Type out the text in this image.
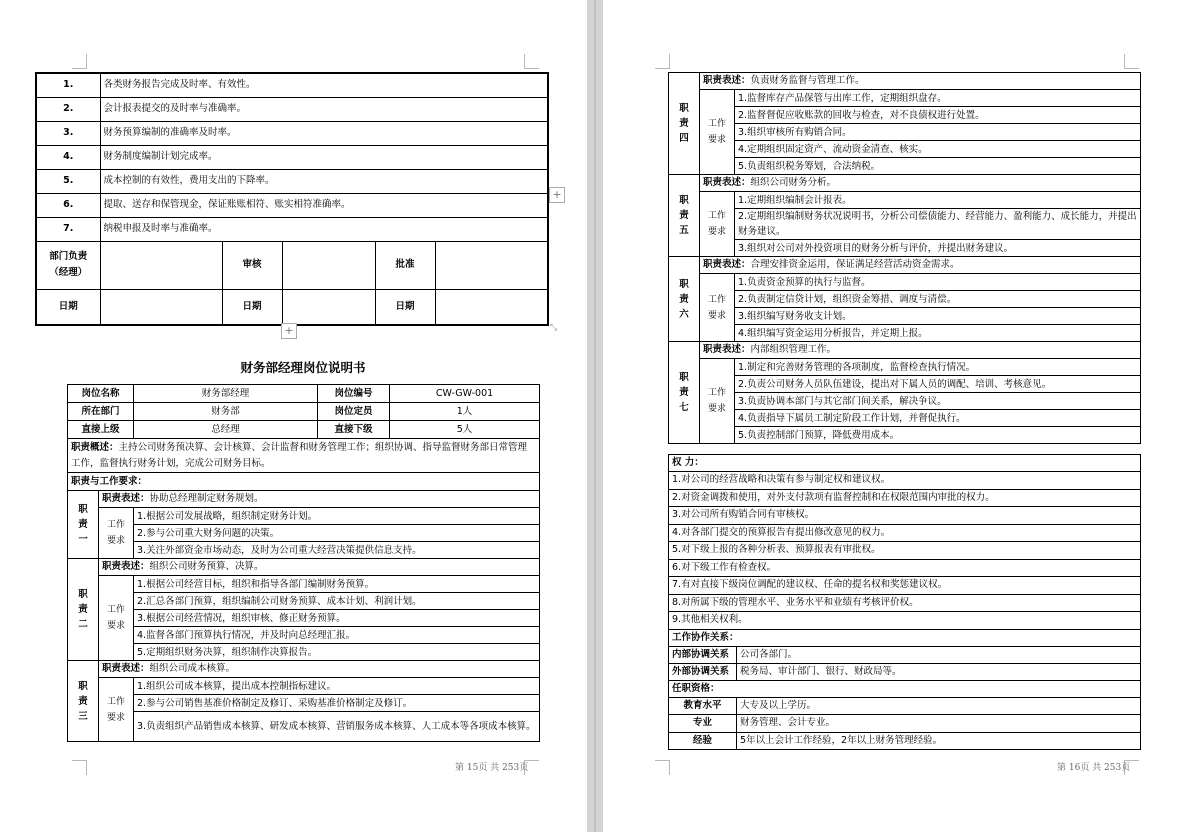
1.	各类财务报告完成及时率、有效性。				
2.	会计报表提交的及时率与准确率。				
3.	财务预算编制的准确率及时率。				
4.	财务制度编制计划完成率。				
5.	成本控制的有效性，费用支出的下降率。				
6.	提取、送存和保管现金，保证账账相符、账实相符准确率。				
7.	纳税申报及时率与准确率。				
部门负责
（经理）		审核		批准	
日期		日期		日期	
+
+
⤡
财务部经理岗位说明书
岗位名称		财务部经理	岗位编号	CW-GW-001
所在部门		财务部	岗位定员	1人
直接上级		总经理	直接下级	5人
职责概述：主持公司财务预决算、会计核算、会计监督和财务管理工作；组织协调、指导监督财务部日常管理工作，监督执行财务计划，完成公司财务目标。				
职责与工作要求：				
职
责
一	职责表述：协助总经理制定财务规划。			
	工作
要求	1.根据公司发展战略，组织制定财务计划。		
		2.参与公司重大财务问题的决策。		
		3.关注外部资金市场动态，及时为公司重大经营决策提供信息支持。		
职
责
二	职责表述：组织公司财务预算、决算。			
	工作
要求	1.根据公司经营目标，组织和指导各部门编制财务预算。		
		2.汇总各部门预算，组织编制公司财务预算、成本计划、利润计划。		
		3.根据公司经营情况，组织审核、修正财务预算。		
		4.监督各部门预算执行情况，并及时向总经理汇报。		
		5.定期组织财务决算，组织制作决算报告。		
职
责
三	职责表述：组织公司成本核算。			
	工作
要求	1.组织公司成本核算，提出成本控制指标建议。		
		2.参与公司销售基准价格制定及修订、采购基准价格制定及修订。		
		3.负责组织产品销售成本核算、研发成本核算、营销服务成本核算、人工成本等各项成本核算。		
第 15页 共 253页
职
责
四	职责表述：负责财务监督与管理工作。	
	工作
要求	1.监督库存产品保管与出库工作，定期组织盘存。
		2.监督督促应收账款的回收与检查，对不良债权进行处置。
		3.组织审核所有购销合同。
		4.定期组织固定资产、流动资金清查、核实。
		5.负责组织税务筹划，合法纳税。
职
责
五	职责表述：组织公司财务分析。	
	工作
要求	1.定期组织编制会计报表。
		2.定期组织编制财务状况说明书，分析公司偿债能力、经营能力、盈利能力、成长能力，并提出财务建议。
		3.组织对公司对外投资项目的财务分析与评价，并提出财务建议。
职
责
六	职责表述：合理安排资金运用，保证满足经营活动资金需求。	
	工作
要求	1.负责资金预算的执行与监督。
		2.负责制定信贷计划，组织资金筹措、调度与清偿。
		3.组织编写财务收支计划。
		4.组织编写资金运用分析报告，并定期上报。
职
责
七	职责表述：内部组织管理工作。	
	工作
要求	1.制定和完善财务管理的各项制度，监督检查执行情况。
		2.负责公司财务人员队伍建设，提出对下属人员的调配、培训、考核意见。
		3.负责协调本部门与其它部门间关系，解决争议。
		4.负责指导下属员工制定阶段工作计划，并督促执行。
		5.负责控制部门预算，降低费用成本。
权 力：	
1.对公司的经营战略和决策有参与制定权和建议权。	
2.对资金调拨和使用，对外支付款项有监督控制和在权限范围内审批的权力。	
3.对公司所有购销合同有审核权。	
4.对各部门提交的预算报告有提出修改意见的权力。	
5.对下级上报的各种分析表、预算报表有审批权。	
6.对下级工作有检查权。	
7.有对直接下级岗位调配的建议权、任命的提名权和奖惩建议权。	
8.对所属下级的管理水平、业务水平和业绩有考核评价权。	
9.其他相关权利。	
工作协作关系：	
内部协调关系	公司各部门。
外部协调关系	税务局、审计部门、银行、财政局等。
任职资格：	
教育水平	大专及以上学历。
专业	财务管理、会计专业。
经验	5年以上会计工作经验，2年以上财务管理经验。
第 16页 共 253页
